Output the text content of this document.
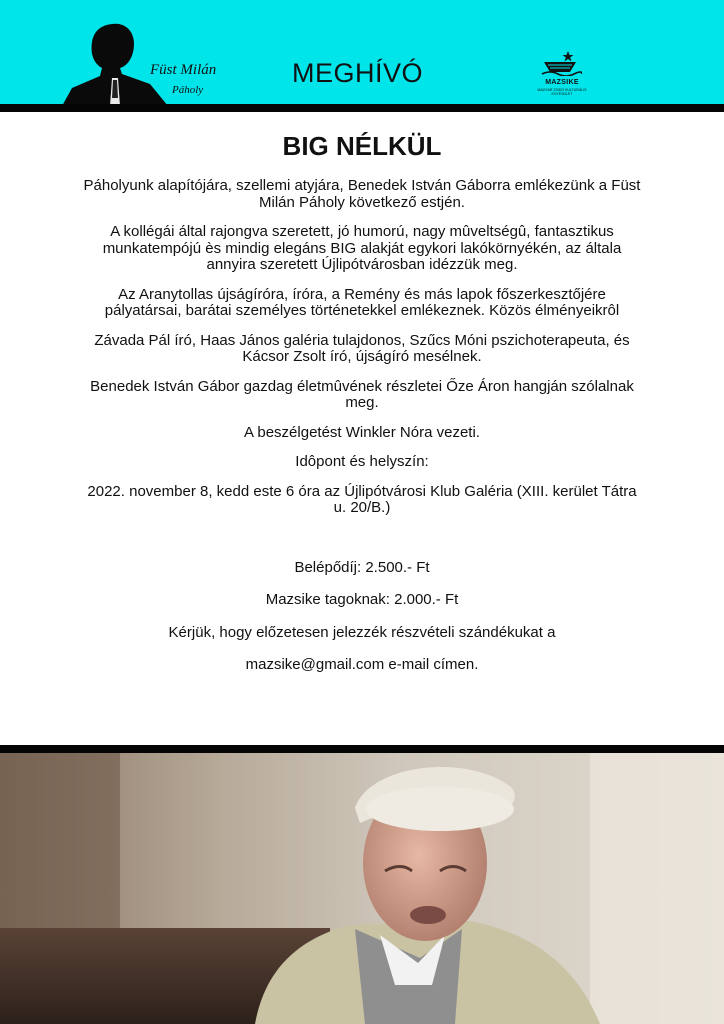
Füst Milán
Páholy
MEGHÍVÓ	MAZSIKE
MAGYAR ZSIDÓ KULTURÁLIS EGYESÜLET
BIG NÉLKÜL
Páholyunk alapítójára, szellemi atyjára, Benedek István Gáborra emlékezünk a Füst Milán Páholy következő estjén.
A kollégái által rajongva szeretett, jó humorú, nagy mûveltségû, fantasztikus munkatempójú ès mindig elegáns BIG alakját egykori lakókörnyékén, az általa annyira szeretett Újlipótvárosban idézzük meg.
Az Aranytollas újságíróra, íróra, a Remény és más lapok főszerkesztőjére pályatársai, barátai személyes történetekkel emlékeznek. Közös élményeikrôl
Závada Pál író, Haas János galéria tulajdonos, Szűcs Móni pszichoterapeuta, és Kácsor Zsolt író, újságíró mesélnek.
Benedek István Gábor gazdag életmûvének részletei Őze Áron hangján szólalnak meg.
A beszélgetést Winkler Nóra vezeti.
Idôpont és helyszín:
2022. november 8, kedd este 6 óra az Újlipótvárosi Klub Galéria (XIII. kerület Tátra u. 20/B.)
Belépődíj: 2.500.- Ft
Mazsike tagoknak: 2.000.- Ft
Kérjük, hogy előzetesen jelezzék részvételi szándékukat a
mazsike@gmail.com e-mail címen.
